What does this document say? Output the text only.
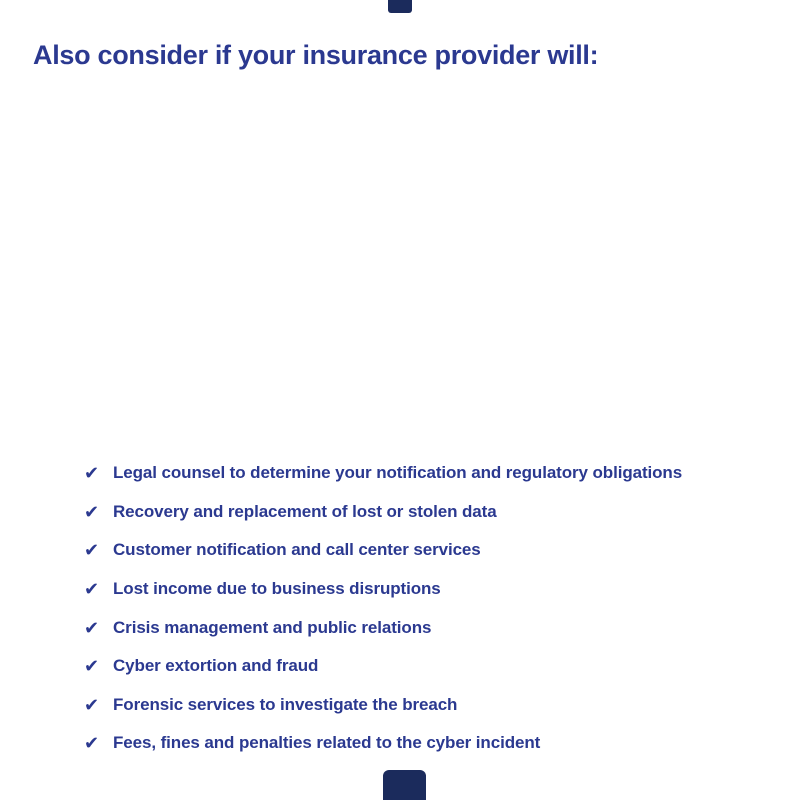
Also consider if your insurance provider will:
✔ Legal counsel to determine your notification and regulatory obligations
✔ Recovery and replacement of lost or stolen data
✔ Customer notification and call center services
✔ Lost income due to business disruptions
✔ Crisis management and public relations
✔ Cyber extortion and fraud
✔ Forensic services to investigate the breach
✔ Fees, fines and penalties related to the cyber incident
